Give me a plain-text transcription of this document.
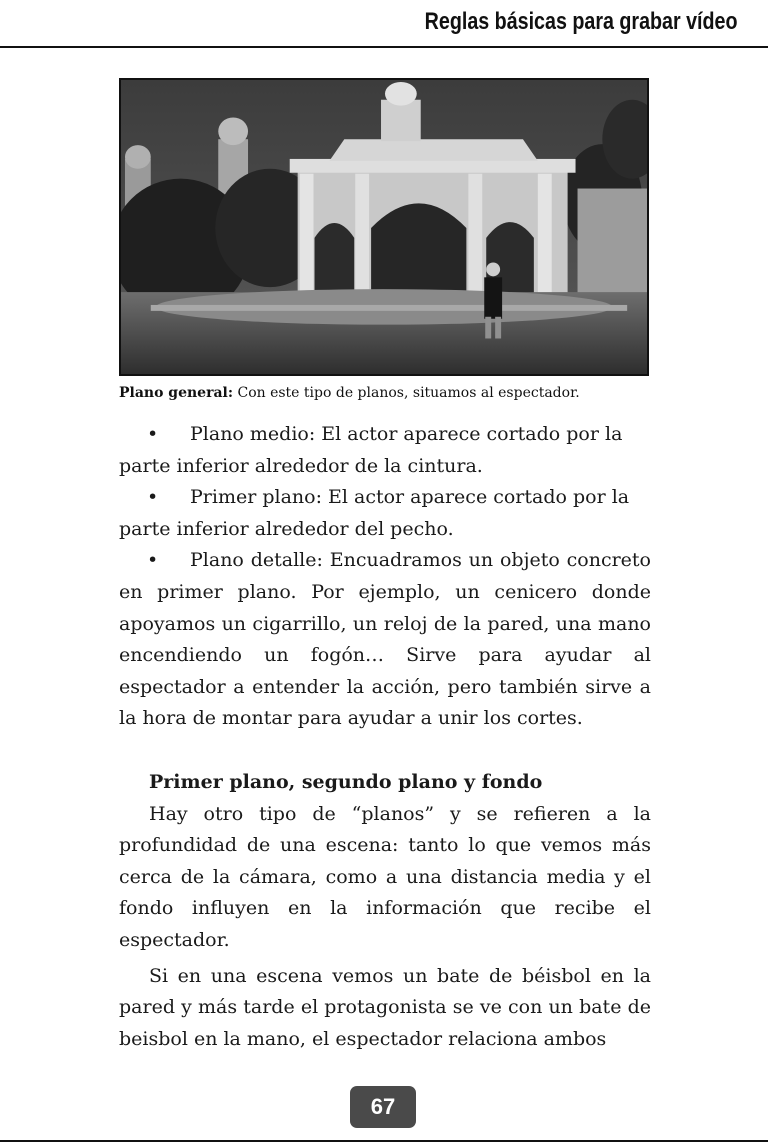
Reglas básicas para grabar vídeo
Plano general: Con este tipo de planos, situamos al espectador.
• Plano medio: El actor aparece cortado por la parte inferior alrededor de la cintura.
• Primer plano: El actor aparece cortado por la parte inferior alrededor del pecho.
• Plano detalle: Encuadramos un objeto concreto en primer plano. Por ejemplo, un cenicero donde apoyamos un cigarrillo, un reloj de la pared, una mano encendiendo un fogón… Sirve para ayudar al espectador a entender la acción, pero también sirve a la hora de montar para ayudar a unir los cortes.
Primer plano, segundo plano y fondo
Hay otro tipo de “planos” y se refieren a la profundidad de una escena: tanto lo que vemos más cerca de la cámara, como a una distancia media y el fondo influyen en la información que recibe el espectador.
Si en una escena vemos un bate de béisbol en la pared y más tarde el protagonista se ve con un bate de beisbol en la mano, el espectador relaciona ambos
67
